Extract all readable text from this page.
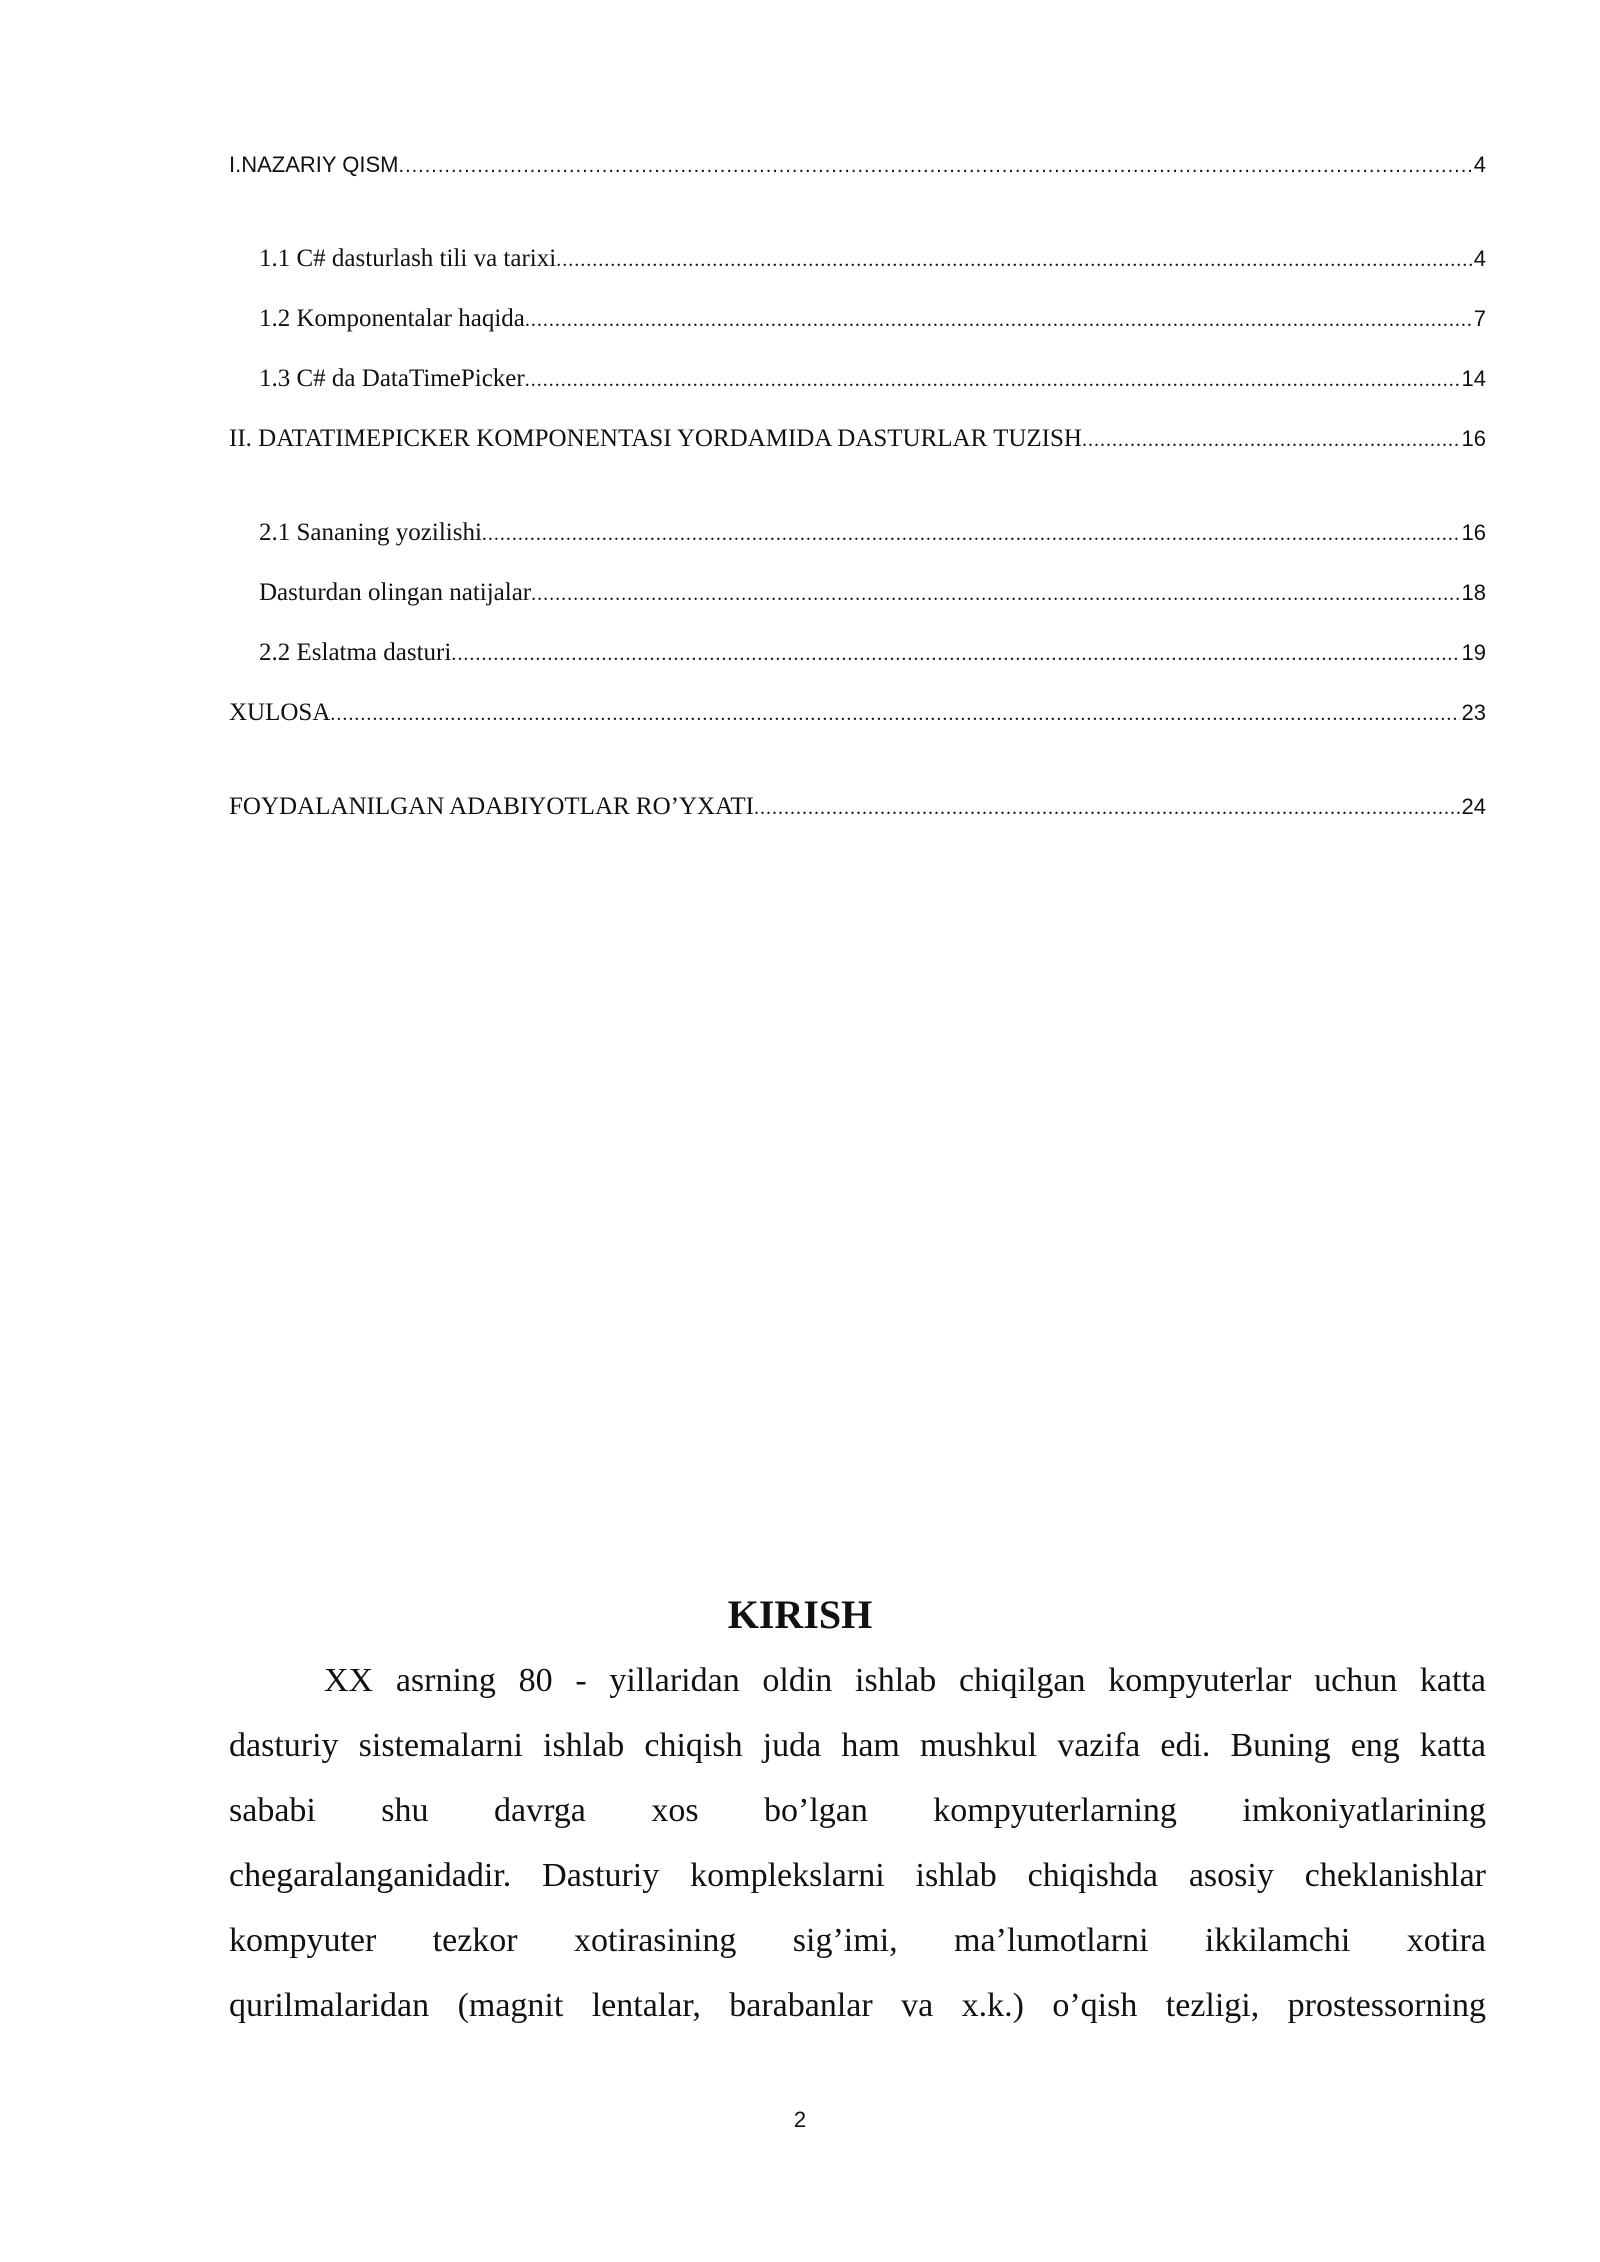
I.NAZARIY QISM .....	4
1.1 C# dasturlash tili va tarixi .....	4
1.2 Komponentalar haqida .....	7
1.3 C# da DataTimePicker .....	14
II. DATATIMEPICKER KOMPONENTASI YORDAMIDA DASTURLAR TUZISH .....	16
2.1 Sananing yozilishi .....	16
Dasturdan olingan natijalar .....	18
2.2 Eslatma dasturi .....	19
XULOSA .....	23
FOYDALANILGAN ADABIYOTLAR RO’YXATI .....	24
KIRISH
XX asrning 80 - yillaridan oldin ishlab chiqilgan kompyuterlar uchun katta
dasturiy sistemalarni ishlab chiqish juda ham mushkul vazifa edi. Buning eng katta
sababi shu davrga xos bo’lgan kompyuterlarning imkoniyatlarining
chegaralanganidadir. Dasturiy komplekslarni ishlab chiqishda asosiy cheklanishlar
kompyuter tezkor xotirasining sig’imi, ma’lumotlarni ikkilamchi xotira
qurilmalaridan (magnit lentalar, barabanlar va x.k.) o’qish tezligi, prostessorning
2
